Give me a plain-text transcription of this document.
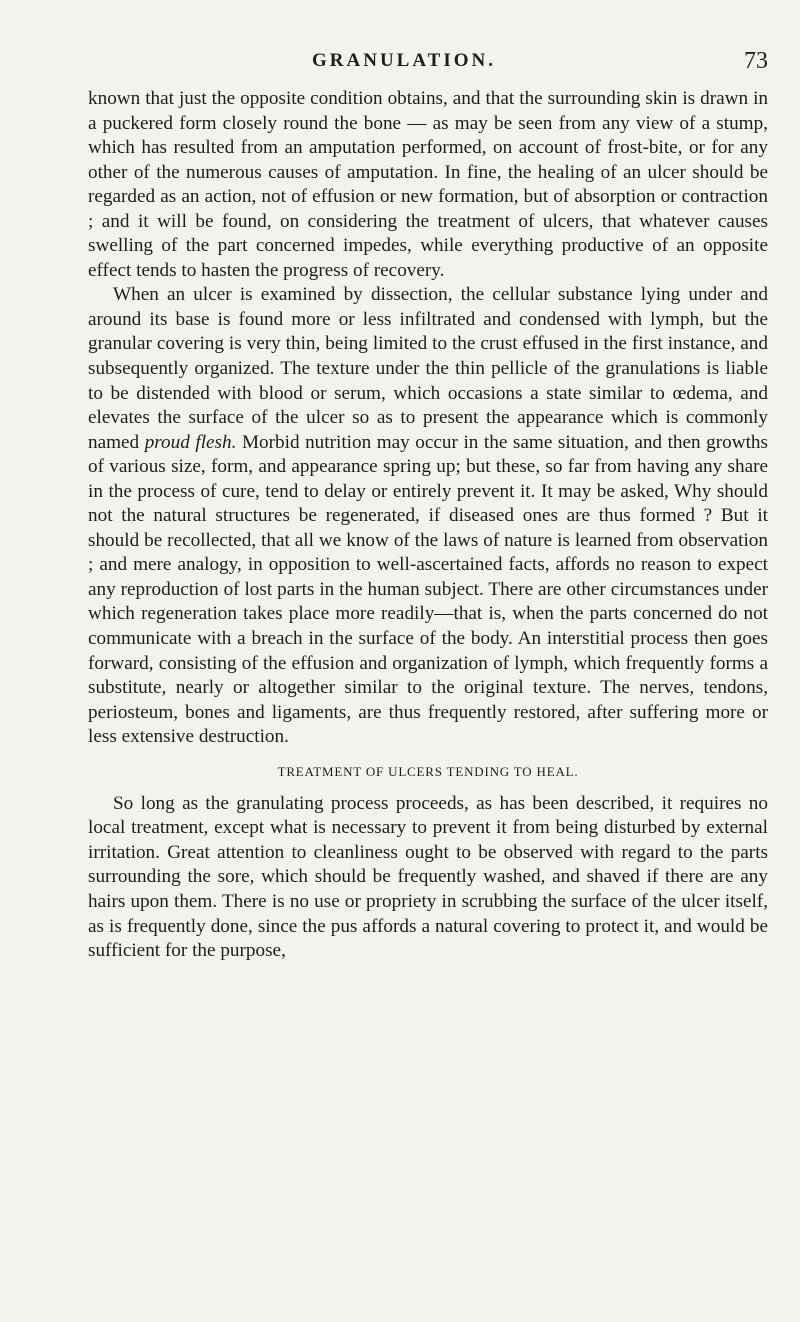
GRANULATION.	73

known that just the opposite condition obtains, and that the surrounding skin is drawn in a puckered form closely round the bone — as may be seen from any view of a stump, which has resulted from an amputation performed, on account of frost-bite, or for any other of the numerous causes of amputation. In fine, the healing of an ulcer should be regarded as an action, not of effusion or new formation, but of absorption or contraction ; and it will be found, on considering the treatment of ulcers, that whatever causes swelling of the part concerned impedes, while everything productive of an opposite effect tends to hasten the progress of recovery.

When an ulcer is examined by dissection, the cellular substance lying under and around its base is found more or less infiltrated and condensed with lymph, but the granular covering is very thin, being limited to the crust effused in the first instance, and subsequently organized. The texture under the thin pellicle of the granulations is liable to be distended with blood or serum, which occasions a state similar to œdema, and elevates the surface of the ulcer so as to present the appearance which is commonly named proud flesh. Morbid nutrition may occur in the same situation, and then growths of various size, form, and appearance spring up; but these, so far from having any share in the process of cure, tend to delay or entirely prevent it. It may be asked, Why should not the natural structures be regenerated, if diseased ones are thus formed ? But it should be recollected, that all we know of the laws of nature is learned from observation ; and mere analogy, in opposition to well-ascertained facts, affords no reason to expect any reproduction of lost parts in the human subject. There are other circumstances under which regeneration takes place more readily—that is, when the parts concerned do not communicate with a breach in the surface of the body. An interstitial process then goes forward, consisting of the effusion and organization of lymph, which frequently forms a substitute, nearly or altogether similar to the original texture. The nerves, tendons, periosteum, bones and ligaments, are thus frequently restored, after suffering more or less extensive destruction.

TREATMENT OF ULCERS TENDING TO HEAL.

So long as the granulating process proceeds, as has been described, it requires no local treatment, except what is necessary to prevent it from being disturbed by external irritation. Great attention to cleanliness ought to be observed with regard to the parts surrounding the sore, which should be frequently washed, and shaved if there are any hairs upon them. There is no use or propriety in scrubbing the surface of the ulcer itself, as is frequently done, since the pus affords a natural covering to protect it, and would be sufficient for the purpose,
